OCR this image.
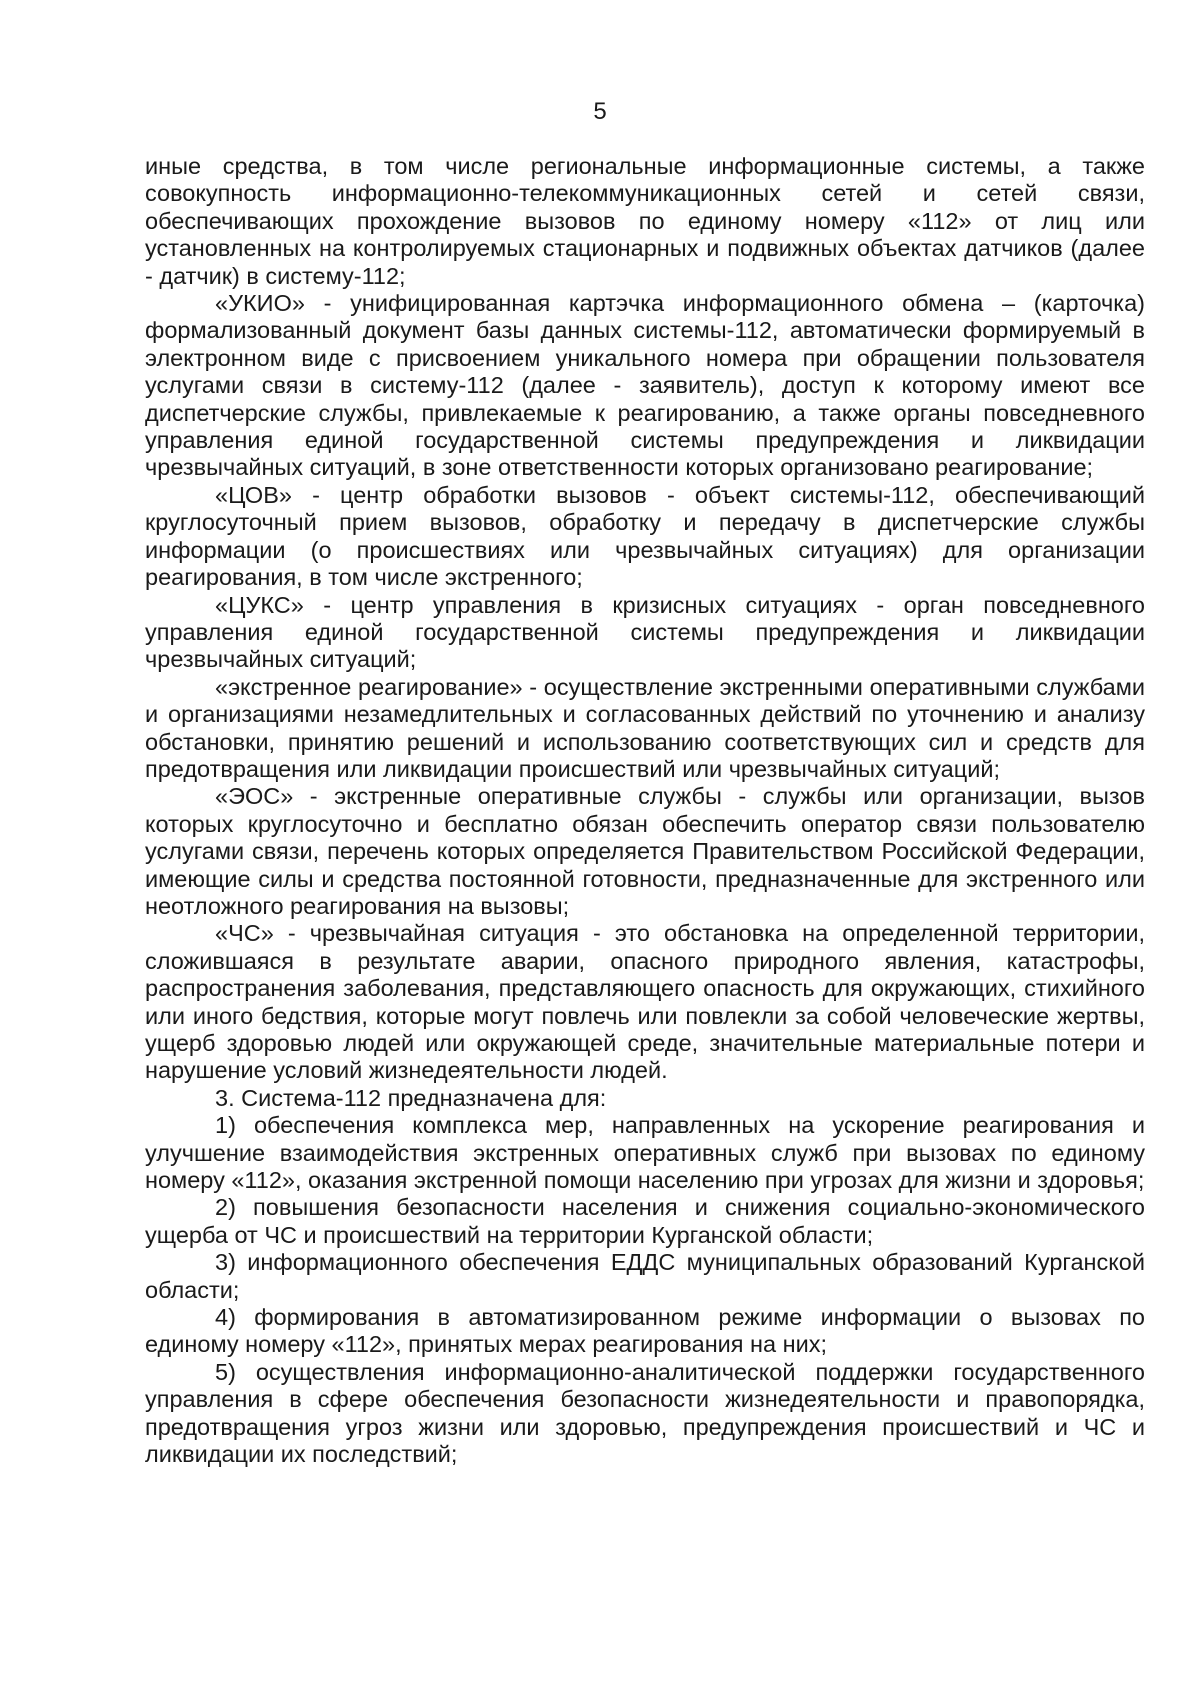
5

иные средства, в том числе региональные информационные системы, а также совокупность информационно-телекоммуникационных сетей и сетей связи, обеспечивающих прохождение вызовов по единому номеру «112» от лиц или установленных на контролируемых стационарных и подвижных объектах датчиков (далее - датчик) в систему-112;

«УКИО» - унифицированная картэчка информационного обмена – (карточка) формализованный документ базы данных системы-112, автоматически формируемый в электронном виде с присвоением уникального номера при обращении пользователя услугами связи в систему-112 (далее - заявитель), доступ к которому имеют все диспетчерские службы, привлекаемые к реагированию, а также органы повседневного управления единой государственной системы предупреждения и ликвидации чрезвычайных ситуаций, в зоне ответственности которых организовано реагирование;

«ЦОВ» - центр обработки вызовов - объект системы-112, обеспечивающий круглосуточный прием вызовов, обработку и передачу в диспетчерские службы информации (о происшествиях или чрезвычайных ситуациях) для организации реагирования, в том числе экстренного;

«ЦУКС» - центр управления в кризисных ситуациях - орган повседневного управления единой государственной системы предупреждения и ликвидации чрезвычайных ситуаций;

«экстренное реагирование» - осуществление экстренными оперативными службами и организациями незамедлительных и согласованных действий по уточнению и анализу обстановки, принятию решений и использованию соответствующих сил и средств для предотвращения или ликвидации происшествий или чрезвычайных ситуаций;

«ЭОС» - экстренные оперативные службы - службы или организации, вызов которых круглосуточно и бесплатно обязан обеспечить оператор связи пользователю услугами связи, перечень которых определяется Правительством Российской Федерации, имеющие силы и средства постоянной готовности, предназначенные для экстренного или неотложного реагирования на вызовы;

«ЧС» - чрезвычайная ситуация - это обстановка на определенной территории, сложившаяся в результате аварии, опасного природного явления, катастрофы, распространения заболевания, представляющего опасность для окружающих, стихийного или иного бедствия, которые могут повлечь или повлекли за собой человеческие жертвы, ущерб здоровью людей или окружающей среде, значительные материальные потери и нарушение условий жизнедеятельности людей.

3. Система-112 предназначена для:

1) обеспечения комплекса мер, направленных на ускорение реагирования и улучшение взаимодействия экстренных оперативных служб при вызовах по единому номеру «112», оказания экстренной помощи населению при угрозах для жизни и здоровья;

2) повышения безопасности населения и снижения социально-экономического ущерба от ЧС и происшествий на территории Курганской области;

3) информационного обеспечения ЕДДС муниципальных образований Курганской области;

4) формирования в автоматизированном режиме информации о вызовах по единому номеру «112», принятых мерах реагирования на них;

5) осуществления информационно-аналитической поддержки государственного управления в сфере обеспечения безопасности жизнедеятельности и правопорядка, предотвращения угроз жизни или здоровью, предупреждения происшествий и ЧС и ликвидации их последствий;
